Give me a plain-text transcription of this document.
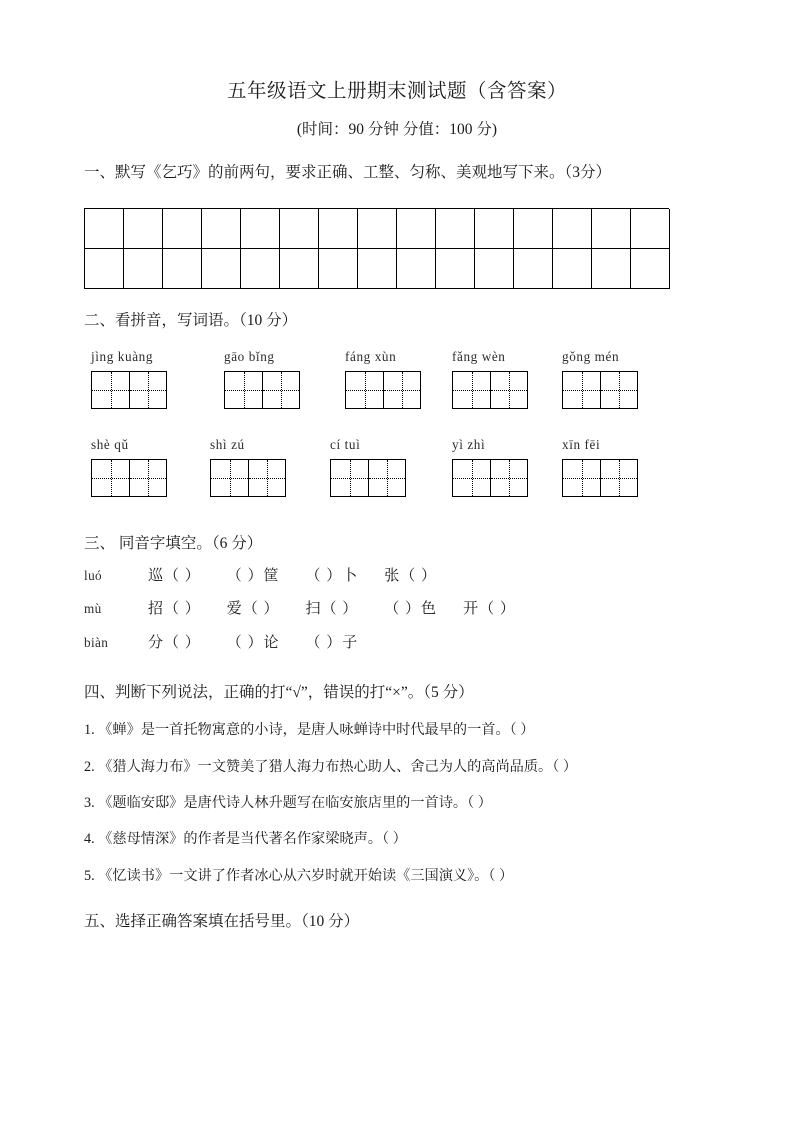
五年级语文上册期末测试题（含答案）
(时间：90 分钟 分值：100 分)
一、默写《乞巧》的前两句，要求正确、工整、匀称、美观地写下来。（3分）
二、看拼音，写词语。（10 分）
jìng kuàng	gāo bǐng	fáng xùn	fǎng wèn	gǒng mén
shè qǔ	shì zú	cí tuì	yì zhì	xīn fēi
三、 同音字填空。（6 分）
luó	巡（ ） （ ）筐 （ ）卜 张（ ）
mù	招（ ） 爱（ ） 扫（ ） （ ）色 开（ ）
biàn	分（ ） （ ）论 （ ）子
四、判断下列说法，正确的打“√”，错误的打“×”。（5 分）
1. 《蝉》是一首托物寓意的小诗，是唐人咏蝉诗中时代最早的一首。（ ）
2. 《猎人海力布》一文赞美了猎人海力布热心助人、舍己为人的高尚品质。（ ）
3. 《题临安邸》是唐代诗人林升题写在临安旅店里的一首诗。（ ）
4. 《慈母情深》的作者是当代著名作家梁晓声。（ ）
5. 《忆读书》一文讲了作者冰心从六岁时就开始读《三国演义》。（ ）
五、选择正确答案填在括号里。（10 分）
